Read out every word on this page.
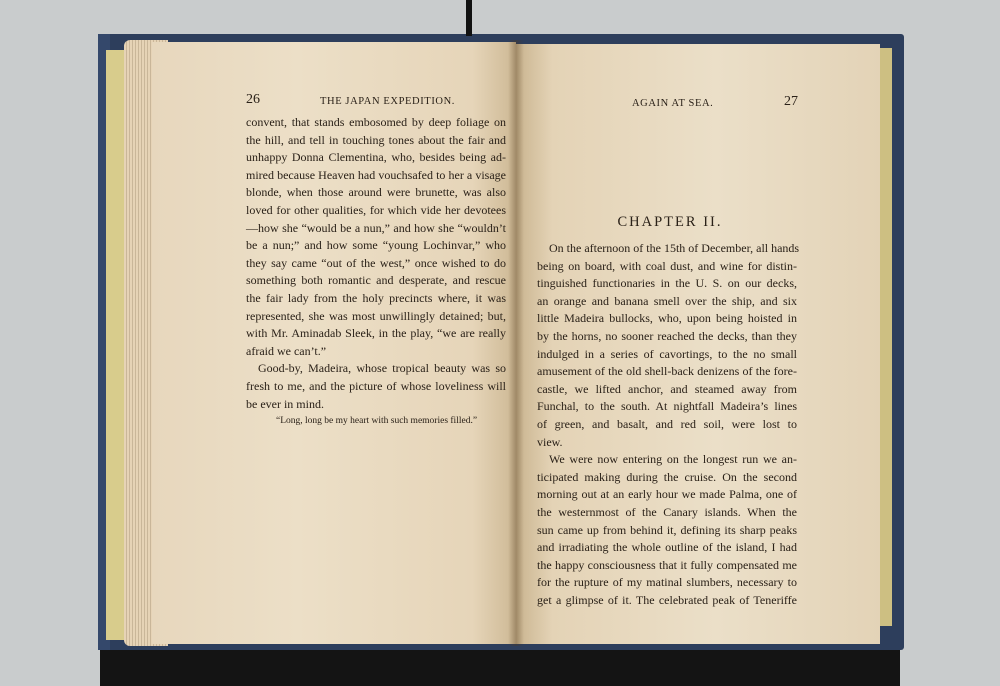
26	THE JAPAN EXPEDITION.
convent, that stands embosomed by deep foliage on
the hill, and tell in touching tones about the fair and
unhappy Donna Clementina, who, besides being ad-
mired because Heaven had vouchsafed to her a visage
blonde, when those around were brunette, was also
loved for other qualities, for which vide her devotees
—how she “would be a nun,” and how she “wouldn’t
be a nun;” and how some “young Lochinvar,” who
they say came “out of the west,” once wished to do
something both romantic and desperate, and rescue
the fair lady from the holy precincts where, it was
represented, she was most unwillingly detained; but,
with Mr. Aminadab Sleek, in the play, “we are really
afraid we can’t.”
Good-by, Madeira, whose tropical beauty was so
fresh to me, and the picture of whose loveliness will
be ever in mind.
“Long, long be my heart with such memories filled.”
AGAIN AT SEA.	27
CHAPTER II.
On the afternoon of the 15th of December, all hands
being on board, with coal dust, and wine for distin-
tinguished functionaries in the U. S. on our decks,
an orange and banana smell over the ship, and six
little Madeira bullocks, who, upon being hoisted in
by the horns, no sooner reached the decks, than they
indulged in a series of cavortings, to the no small
amusement of the old shell-back denizens of the fore-
castle, we lifted anchor, and steamed away from
Funchal, to the south. At nightfall Madeira’s lines
of green, and basalt, and red soil, were lost to
view.
We were now entering on the longest run we an-
ticipated making during the cruise. On the second
morning out at an early hour we made Palma, one of
the westernmost of the Canary islands. When the
sun came up from behind it, defining its sharp peaks
and irradiating the whole outline of the island, I had
the happy consciousness that it fully compensated me
for the rupture of my matinal slumbers, necessary to
get a glimpse of it. The celebrated peak of Teneriffe
